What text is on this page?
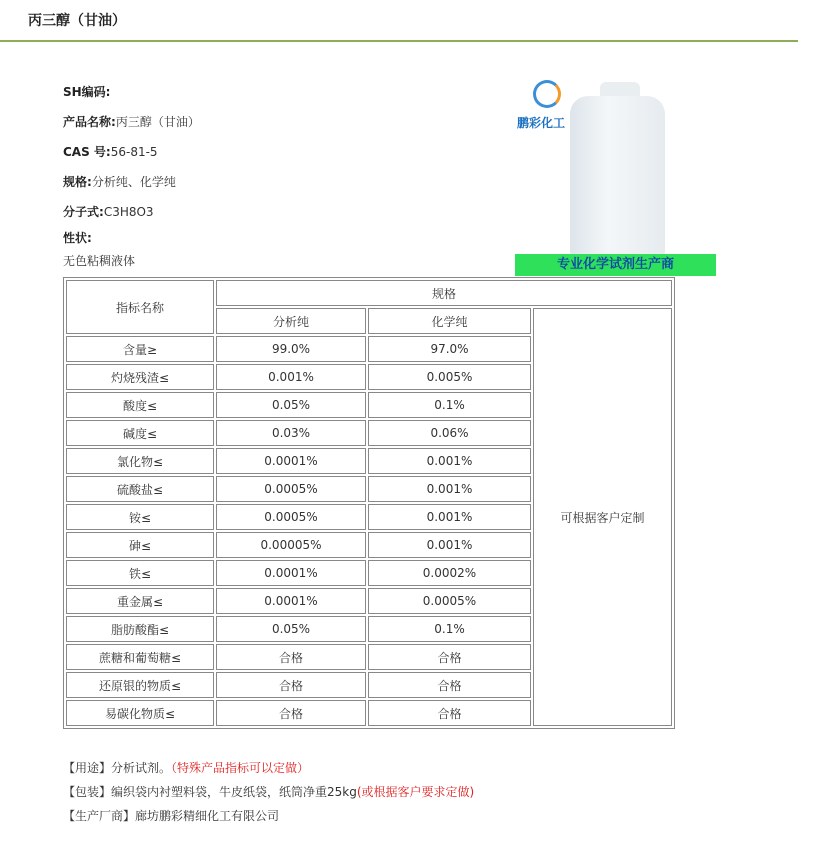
丙三醇（甘油）
SH编码:
产品名称:丙三醇（甘油）
CAS 号:56-81-5
规格:分析纯、化学纯
分子式:C3H8O3
性状:
无色粘稠液体
鹏彩化工
专业化学试剂生产商
指标名称	规格		
	分析纯	化学纯	可根据客户定制
含量≥	99.0%	97.0%	
灼烧残渣≤	0.001%	0.005%	
酸度≤	0.05%	0.1%	
碱度≤	0.03%	0.06%	
氯化物≤	0.0001%	0.001%	
硫酸盐≤	0.0005%	0.001%	
铵≤	0.0005%	0.001%	
砷≤	0.00005%	0.001%	
铁≤	0.0001%	0.0002%	
重金属≤	0.0001%	0.0005%	
脂肪酸酯≤	0.05%	0.1%	
蔗糖和葡萄糖≤	合格	合格	
还原银的物质≤	合格	合格	
易碳化物质≤	合格	合格	
【用途】分析试剂。（特殊产品指标可以定做）
【包装】编织袋内衬塑料袋，牛皮纸袋，纸筒净重25kg(或根据客户要求定做)
【生产厂商】廊坊鹏彩精细化工有限公司
